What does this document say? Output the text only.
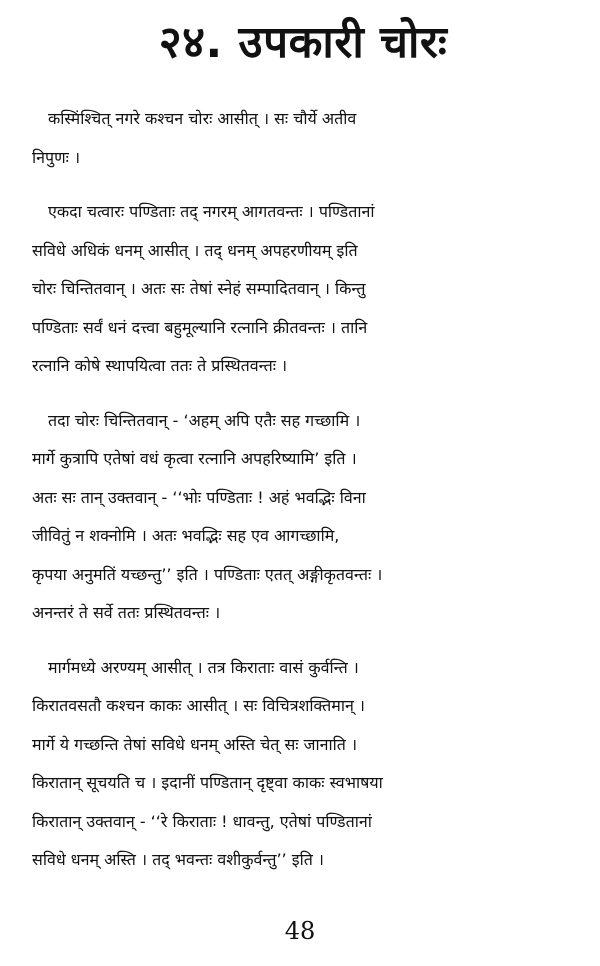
२४. उपकारी चोरः

कस्मिंश्चित् नगरे कश्चन चोरः आसीत् । सः चौर्ये अतीव
निपुणः ।

एकदा चत्वारः पण्डिताः तद् नगरम् आगतवन्तः । पण्डितानां
सविधे अधिकं धनम् आसीत् । तद् धनम् अपहरणीयम् इति
चोरः चिन्तितवान् । अतः सः तेषां स्नेहं सम्पादितवान् । किन्तु
पण्डिताः सर्वं धनं दत्त्वा बहुमूल्यानि रत्नानि क्रीतवन्तः । तानि
रत्नानि कोषे स्थापयित्वा ततः ते प्रस्थितवन्तः ।

तदा चोरः चिन्तितवान् - ‘अहम् अपि एतैः सह गच्छामि ।
मार्गे कुत्रापि एतेषां वधं कृत्वा रत्नानि अपहरिष्यामि’ इति ।
अतः सः तान् उक्तवान् - ‘‘भोः पण्डिताः ! अहं भवद्भिः विना
जीवितुं न शक्नोमि । अतः भवद्भिः सह एव आगच्छामि,
कृपया अनुमतिं यच्छन्तु’’ इति । पण्डिताः एतत् अङ्गीकृतवन्तः ।
अनन्तरं ते सर्वे ततः प्रस्थितवन्तः ।

मार्गमध्ये अरण्यम् आसीत् । तत्र किराताः वासं कुर्वन्ति ।
किरातवसतौ कश्चन काकः आसीत् । सः विचित्रशक्तिमान् ।
मार्गे ये गच्छन्ति तेषां सविधे धनम् अस्ति चेत् सः जानाति ।
किरातान् सूचयति च । इदानीं पण्डितान् दृष्ट्वा काकः स्वभाषया
किरातान् उक्तवान् - ‘‘रे किराताः ! धावन्तु, एतेषां पण्डितानां
सविधे धनम् अस्ति । तद् भवन्तः वशीकुर्वन्तु’’ इति ।

48
